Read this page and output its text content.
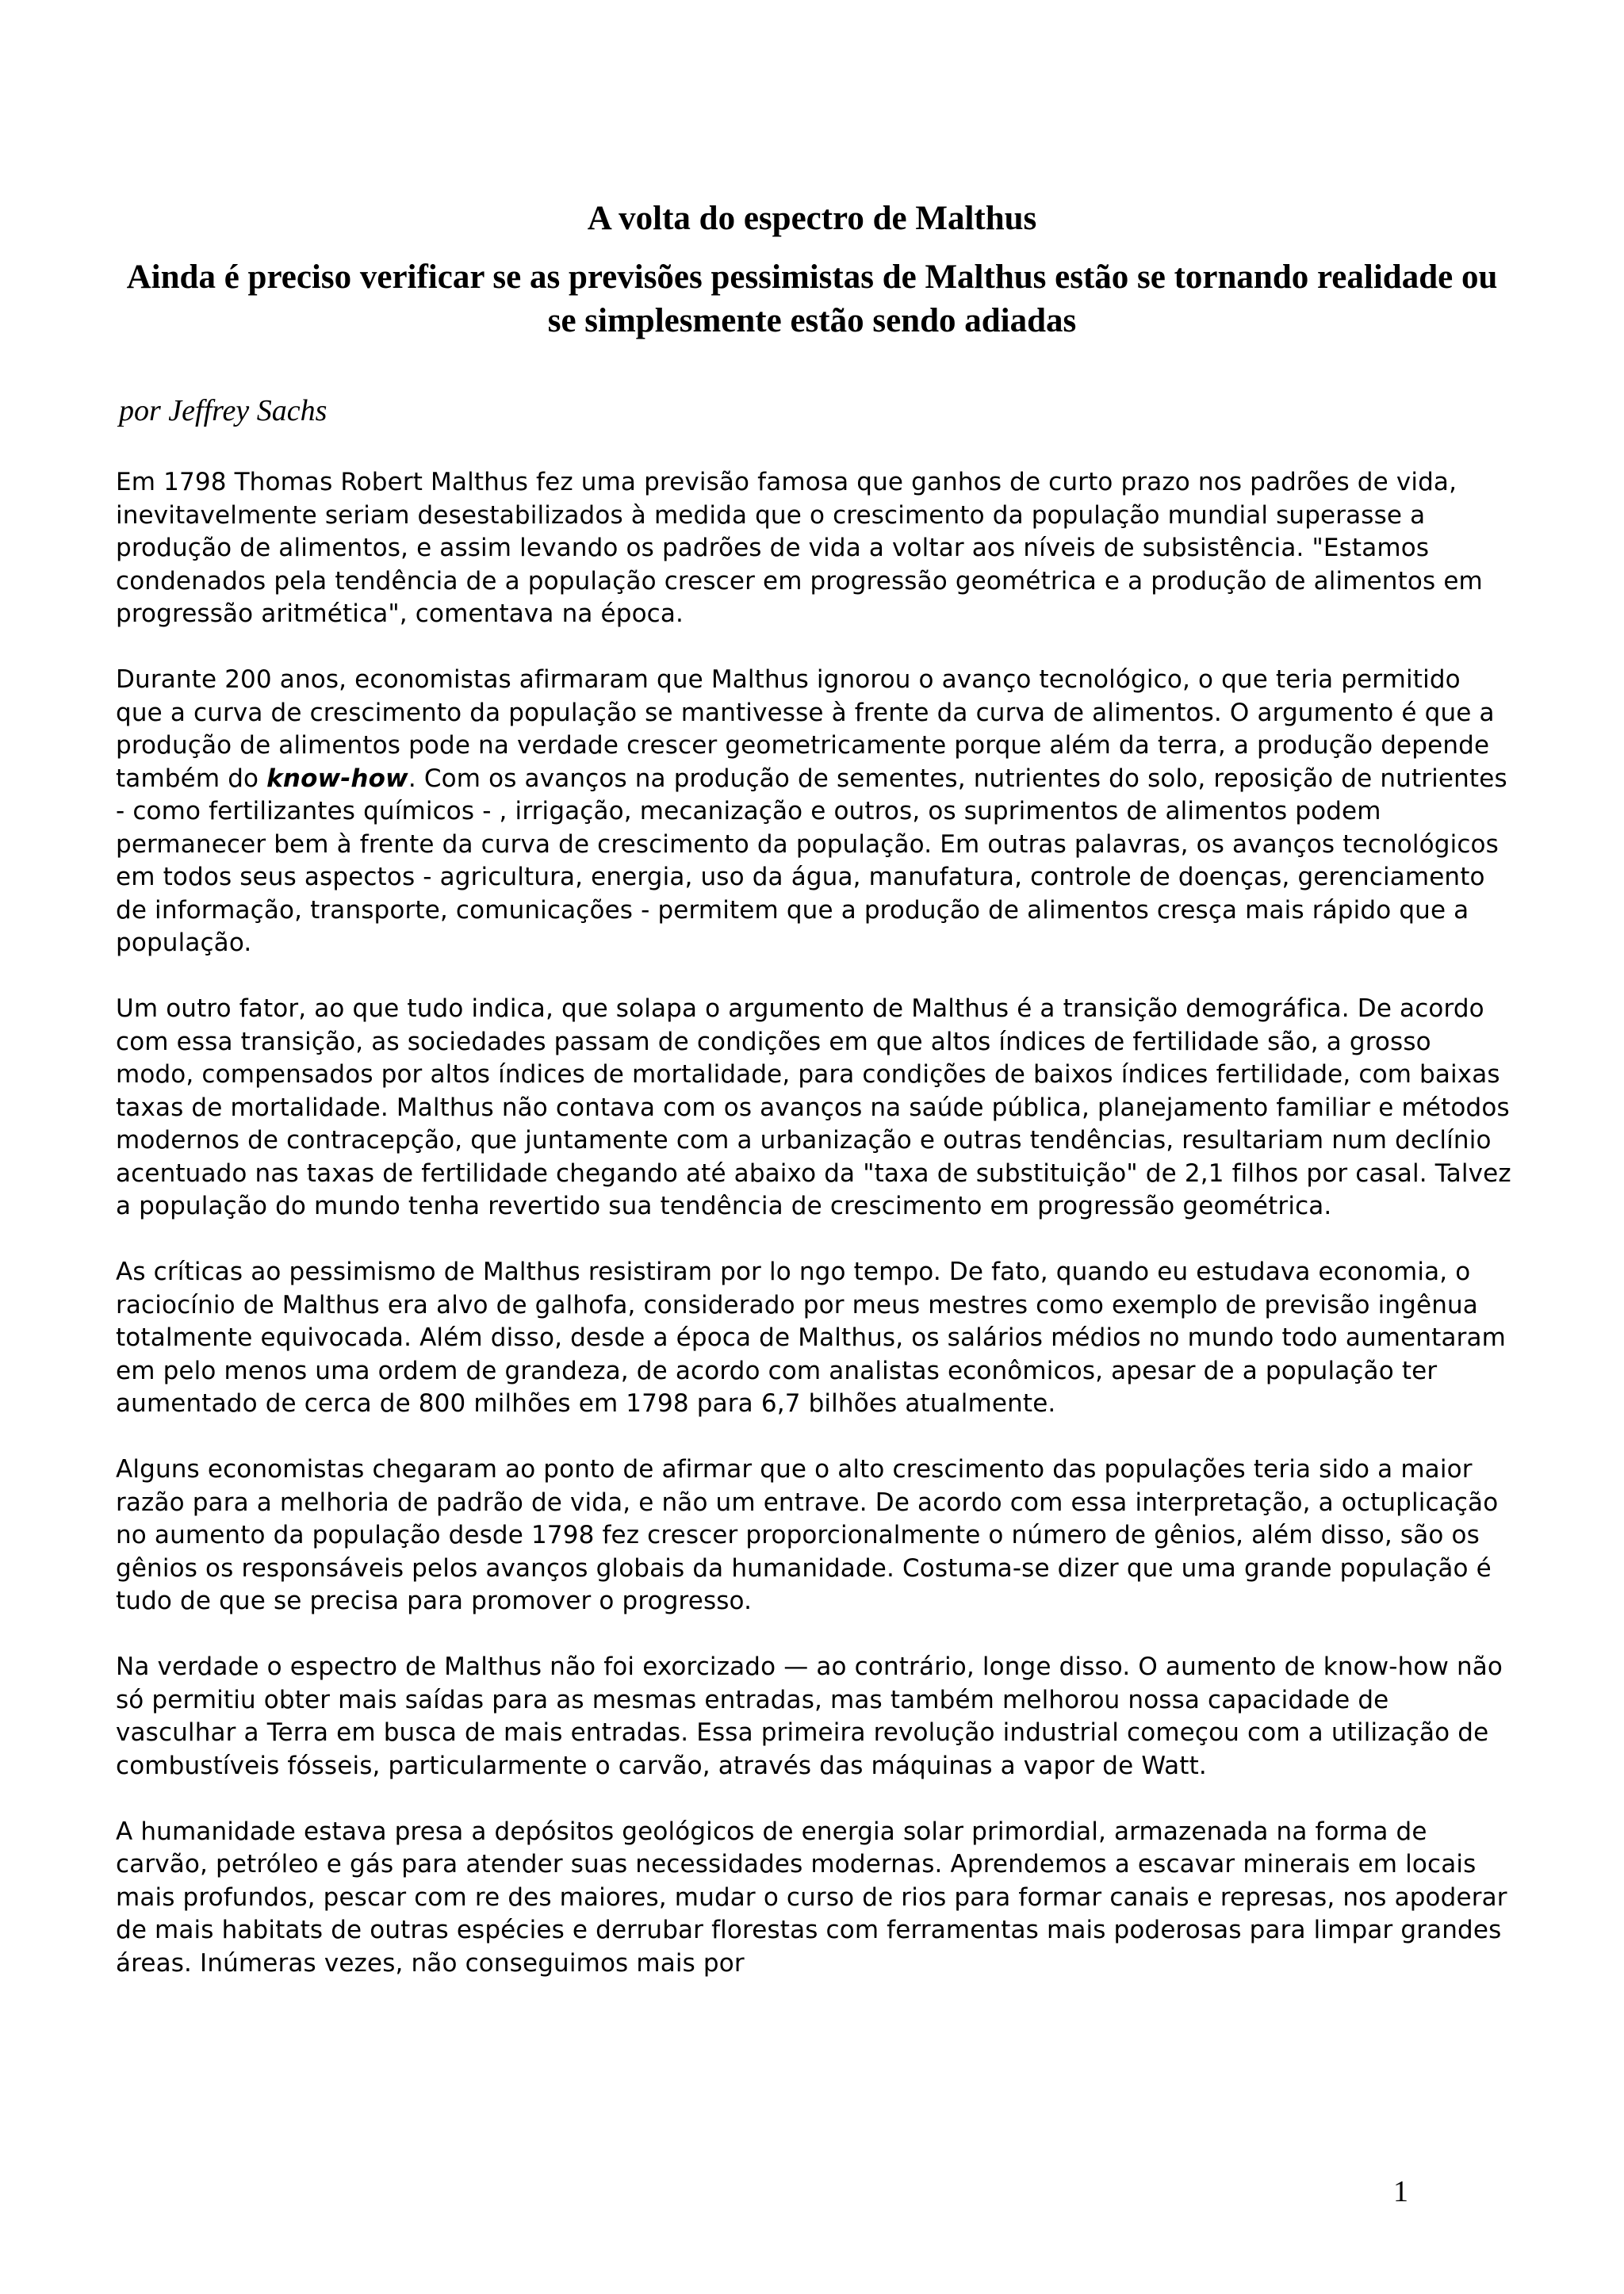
A volta do espectro de Malthus
Ainda é preciso verificar se as previsões pessimistas de Malthus estão se tornando realidade ou se simplesmente estão sendo adiadas

por Jeffrey Sachs

Em 1798 Thomas Robert Malthus fez uma previsão famosa que ganhos de curto prazo nos padrões de vida, inevitavelmente seriam desestabilizados à medida que o crescimento da população mundial superasse a produção de alimentos, e assim levando os padrões de vida a voltar aos níveis de subsistência. "Estamos condenados pela tendência de a população crescer em progressão geométrica e a produção de alimentos em progressão aritmética", comentava na época.

Durante 200 anos, economistas afirmaram que Malthus ignorou o avanço tecnológico, o que teria permitido que a curva de crescimento da população se mantivesse à frente da curva de alimentos. O argumento é que a produção de alimentos pode na verdade crescer geometricamente porque além da terra, a produção depende também do know-how. Com os avanços na produção de sementes, nutrientes do solo, reposição de nutrientes - como fertilizantes químicos - , irrigação, mecanização e outros, os suprimentos de alimentos podem permanecer bem à frente da curva de crescimento da população. Em outras palavras, os avanços tecnológicos em todos seus aspectos - agricultura, energia, uso da água, manufatura, controle de doenças, gerenciamento de informação, transporte, comunicações - permitem que a produção de alimentos cresça mais rápido que a população.

Um outro fator, ao que tudo indica, que solapa o argumento de Malthus é a transição demográfica. De acordo com essa transição, as sociedades passam de condições em que altos índices de fertilidade são, a grosso modo, compensados por altos índices de mortalidade, para condições de baixos índices fertilidade, com baixas taxas de mortalidade. Malthus não contava com os avanços na saúde pública, planejamento familiar e métodos modernos de contracepção, que juntamente com a urbanização e outras tendências, resultariam num declínio acentuado nas taxas de fertilidade chegando até abaixo da "taxa de substituição" de 2,1 filhos por casal. Talvez a população do mundo tenha revertido sua tendência de crescimento em progressão geométrica.

As críticas ao pessimismo de Malthus resistiram por lo ngo tempo. De fato, quando eu estudava economia, o raciocínio de Malthus era alvo de galhofa, considerado por meus mestres como exemplo de previsão ingênua totalmente equivocada. Além disso, desde a época de Malthus, os salários médios no mundo todo aumentaram em pelo menos uma ordem de grandeza, de acordo com analistas econômicos, apesar de a população ter aumentado de cerca de 800 milhões em 1798 para 6,7 bilhões atualmente.

Alguns economistas chegaram ao ponto de afirmar que o alto crescimento das populações teria sido a maior razão para a melhoria de padrão de vida, e não um entrave. De acordo com essa interpretação, a octuplicação no aumento da população desde 1798 fez crescer proporcionalmente o número de gênios, além disso, são os gênios os responsáveis pelos avanços globais da humanidade. Costuma-se dizer que uma grande população é tudo de que se precisa para promover o progresso.

Na verdade o espectro de Malthus não foi exorcizado — ao contrário, longe disso. O aumento de know-how não só permitiu obter mais saídas para as mesmas entradas, mas também melhorou nossa capacidade de vasculhar a Terra em busca de mais entradas. Essa primeira revolução industrial começou com a utilização de combustíveis fósseis, particularmente o carvão, através das máquinas a vapor de Watt.

A humanidade estava presa a depósitos geológicos de energia solar primordial, armazenada na forma de carvão, petróleo e gás para atender suas necessidades modernas. Aprendemos a escavar minerais em locais mais profundos, pescar com re des maiores, mudar o curso de rios para formar canais e represas, nos apoderar de mais habitats de outras espécies e derrubar florestas com ferramentas mais poderosas para limpar grandes áreas. Inúmeras vezes, não conseguimos mais por

1
